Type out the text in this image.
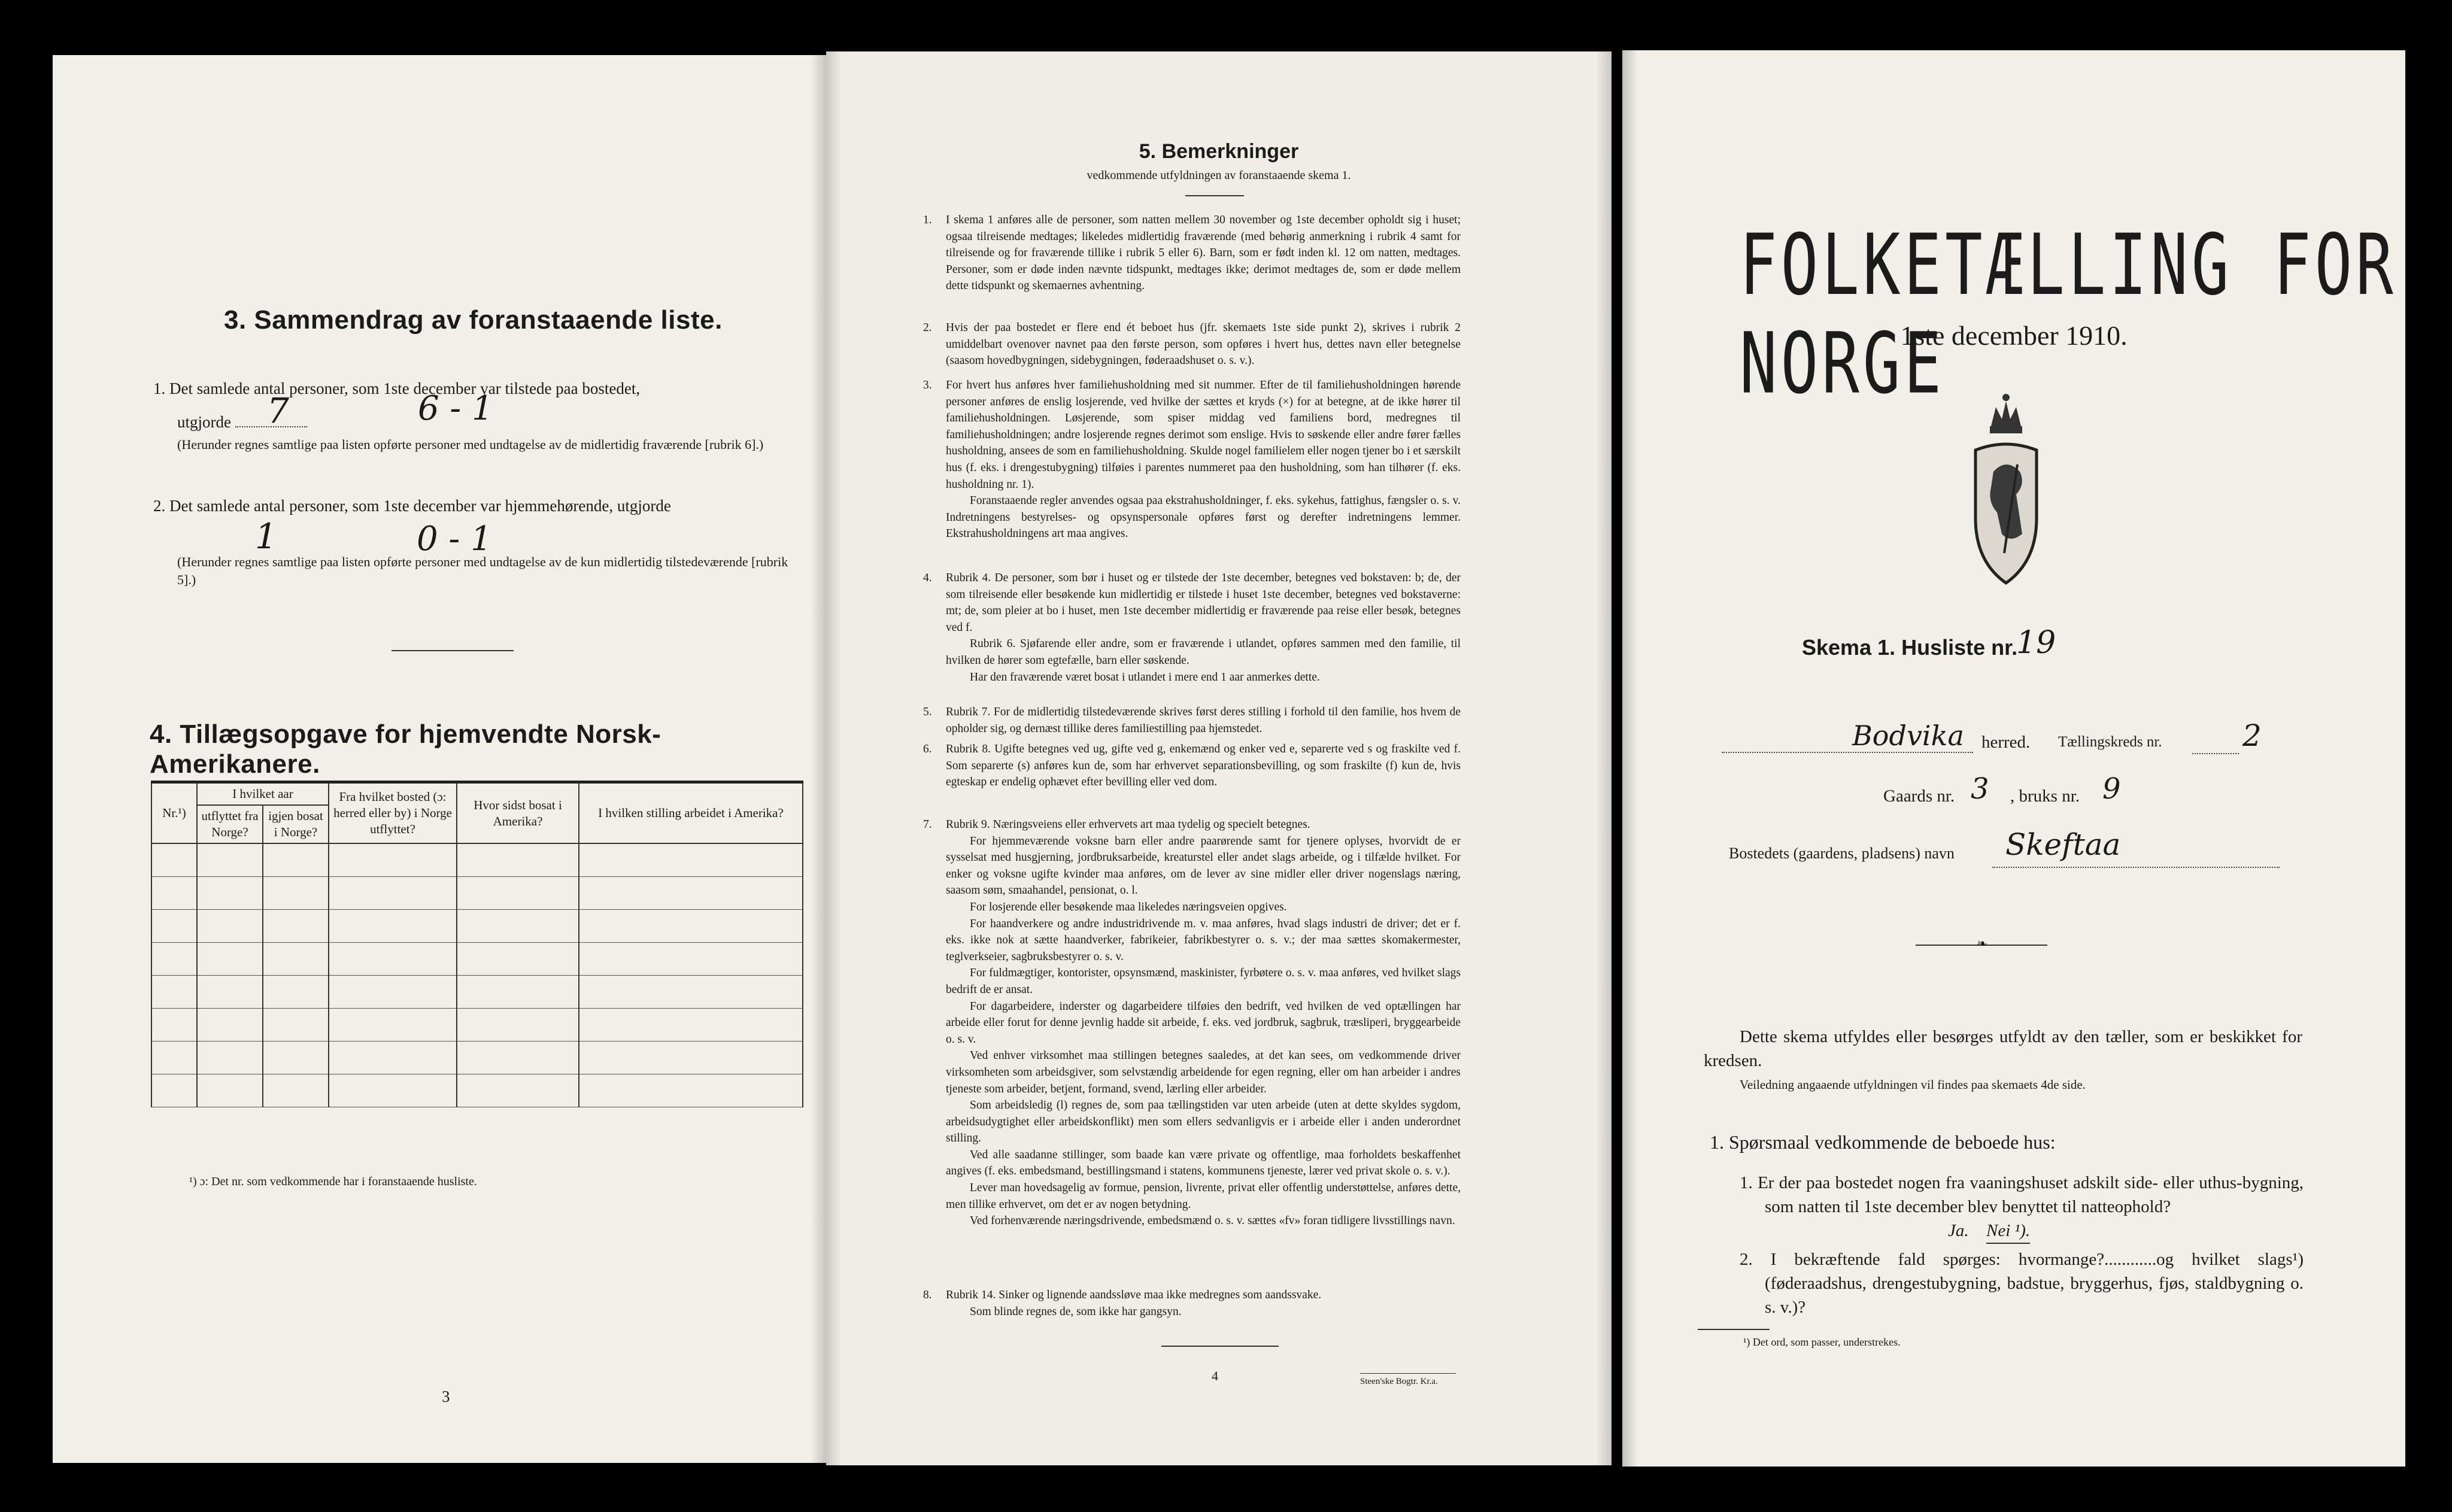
3. Sammendrag av foranstaaende liste.
1. Det samlede antal personer, som 1ste december var tilstede paa bostedet,
utgjorde	7	6 - 1
(Herunder regnes samtlige paa listen opførte personer med undtagelse av de midlertidig fraværende [rubrik 6].)
2. Det samlede antal personer, som 1ste december var hjemmehørende, utgjorde
1	0 - 1
(Herunder regnes samtlige paa listen opførte personer med undtagelse av de kun midlertidig tilstedeværende [rubrik 5].)
4. Tillægsopgave for hjemvendte Norsk-Amerikanere.
Nr.¹)	I hvilket aar		Fra hvilket bosted (ɔ: herred eller by) i Norge utflyttet?	Hvor sidst bosat i Amerika?	I hvilken stilling arbeidet i Amerika?
	utflyttet fra Norge?	igjen bosat i Norge?			

¹) ɔ: Det nr. som vedkommende har i foranstaaende husliste.
3
5. Bemerkninger
vedkommende utfyldningen av foranstaaende skema 1.
1. I skema 1 anføres alle de personer, som natten mellem 30 november og 1ste december opholdt sig i huset; ogsaa tilreisende medtages; likeledes midlertidig fraværende (med behørig anmerkning i rubrik 4 samt for tilreisende og for fraværende tillike i rubrik 5 eller 6). Barn, som er født inden kl. 12 om natten, medtages. Personer, som er døde inden nævnte tidspunkt, medtages ikke; derimot medtages de, som er døde mellem dette tidspunkt og skemaernes avhentning.

2. Hvis der paa bostedet er flere end ét beboet hus (jfr. skemaets 1ste side punkt 2), skrives i rubrik 2 umiddelbart ovenover navnet paa den første person, som opføres i hvert hus, dettes navn eller betegnelse (saasom hovedbygningen, sidebygningen, føderaadshuset o. s. v.).

3. For hvert hus anføres hver familiehusholdning med sit nummer. Efter de til familiehusholdningen hørende personer anføres de enslig losjerende, ved hvilke der sættes et kryds (×) for at betegne, at de ikke hører til familiehusholdningen. Løsjerende, som spiser middag ved familiens bord, medregnes til familiehusholdningen; andre losjerende regnes derimot som enslige. Hvis to søskende eller andre fører fælles husholdning, ansees de som en familiehusholdning. Skulde nogel familielem eller nogen tjener bo i et særskilt hus (f. eks. i drengestubygning) tilføies i parentes nummeret paa den husholdning, som han tilhører (f. eks. husholdning nr. 1).

Foranstaaende regler anvendes ogsaa paa ekstrahusholdninger, f. eks. sykehus, fattighus, fængsler o. s. v. Indretningens bestyrelses- og opsynspersonale opføres først og derefter indretningens lemmer. Ekstrahusholdningens art maa angives.

4. Rubrik 4. De personer, som bør i huset og er tilstede der 1ste december, betegnes ved bokstaven: b; de, der som tilreisende eller besøkende kun midlertidig er tilstede i huset 1ste december, betegnes ved bokstaverne: mt; de, som pleier at bo i huset, men 1ste december midlertidig er fraværende paa reise eller besøk, betegnes ved f.

Rubrik 6. Sjøfarende eller andre, som er fraværende i utlandet, opføres sammen med den familie, til hvilken de hører som egtefælle, barn eller søskende.

Har den fraværende været bosat i utlandet i mere end 1 aar anmerkes dette.

5. Rubrik 7. For de midlertidig tilstedeværende skrives først deres stilling i forhold til den familie, hos hvem de opholder sig, og dernæst tillike deres familiestilling paa hjemstedet.

6. Rubrik 8. Ugifte betegnes ved ug, gifte ved g, enkemænd og enker ved e, separerte ved s og fraskilte ved f. Som separerte (s) anføres kun de, som har erhvervet separationsbevilling, og som fraskilte (f) kun de, hvis egteskap er endelig ophævet efter bevilling eller ved dom.

7. Rubrik 9. Næringsveiens eller erhvervets art maa tydelig og specielt betegnes.

For hjemmeværende voksne barn eller andre paarørende samt for tjenere oplyses, hvorvidt de er sysselsat med husgjerning, jordbruksarbeide, kreaturstel eller andet slags arbeide, og i tilfælde hvilket. For enker og voksne ugifte kvinder maa anføres, om de lever av sine midler eller driver nogenslags næring, saasom søm, smaahandel, pensionat, o. l.

For losjerende eller besøkende maa likeledes næringsveien opgives.

For haandverkere og andre industridrivende m. v. maa anføres, hvad slags industri de driver; det er f. eks. ikke nok at sætte haandverker, fabrikeier, fabrikbestyrer o. s. v.; der maa sættes skomakermester, teglverkseier, sagbruksbestyrer o. s. v.

For fuldmægtiger, kontorister, opsynsmænd, maskinister, fyrbøtere o. s. v. maa anføres, ved hvilket slags bedrift de er ansat.

For dagarbeidere, inderster og dagarbeidere tilføies den bedrift, ved hvilken de ved optællingen har arbeide eller forut for denne jevnlig hadde sit arbeide, f. eks. ved jordbruk, sagbruk, træsliperi, bryggearbeide o. s. v.

Ved enhver virksomhet maa stillingen betegnes saaledes, at det kan sees, om vedkommende driver virksomheten som arbeidsgiver, som selvstændig arbeidende for egen regning, eller om han arbeider i andres tjeneste som arbeider, betjent, formand, svend, lærling eller arbeider.

Som arbeidsledig (l) regnes de, som paa tællingstiden var uten arbeide (uten at dette skyldes sygdom, arbeidsudygtighet eller arbeidskonflikt) men som ellers sedvanligvis er i arbeide eller i anden underordnet stilling.

Ved alle saadanne stillinger, som baade kan være private og offentlige, maa forholdets beskaffenhet angives (f. eks. embedsmand, bestillingsmand i statens, kommunens tjeneste, lærer ved privat skole o. s. v.).

Lever man hovedsagelig av formue, pension, livrente, privat eller offentlig understøttelse, anføres dette, men tillike erhvervet, om det er av nogen betydning.

Ved forhenværende næringsdrivende, embedsmænd o. s. v. sættes «fv» foran tidligere livsstillings navn.

8. Rubrik 14. Sinker og lignende aandssløve maa ikke medregnes som aandssvake.

Som blinde regnes de, som ikke har gangsyn.

4	Steen'ske Bogtr. Kr.a.
FOLKETÆLLING FOR NORGE
1ste december 1910.
Skema 1. Husliste nr.
19
Bodvika herred. Tællingskreds nr.	2
Gaards nr. 3 , bruks nr. 9
Bostedets (gaardens, pladsens) navn Skeftaa
❧
Dette skema utfyldes eller besørges utfyldt av den tæller, som er beskikket for kredsen.
Veiledning angaaende utfyldningen vil findes paa skemaets 4de side.
1. Spørsmaal vedkommende de beboede hus:
1. Er der paa bostedet nogen fra vaaningshuset adskilt side- eller uthus-bygning, som natten til 1ste december blev benyttet til natteophold?
Ja. Nei ¹).
2. I bekræftende fald spørges: hvormange?............og hvilket slags¹) (føderaadshus, drengestubygning, badstue, bryggerhus, fjøs, staldbygning o. s. v.)?
¹) Det ord, som passer, understrekes.
